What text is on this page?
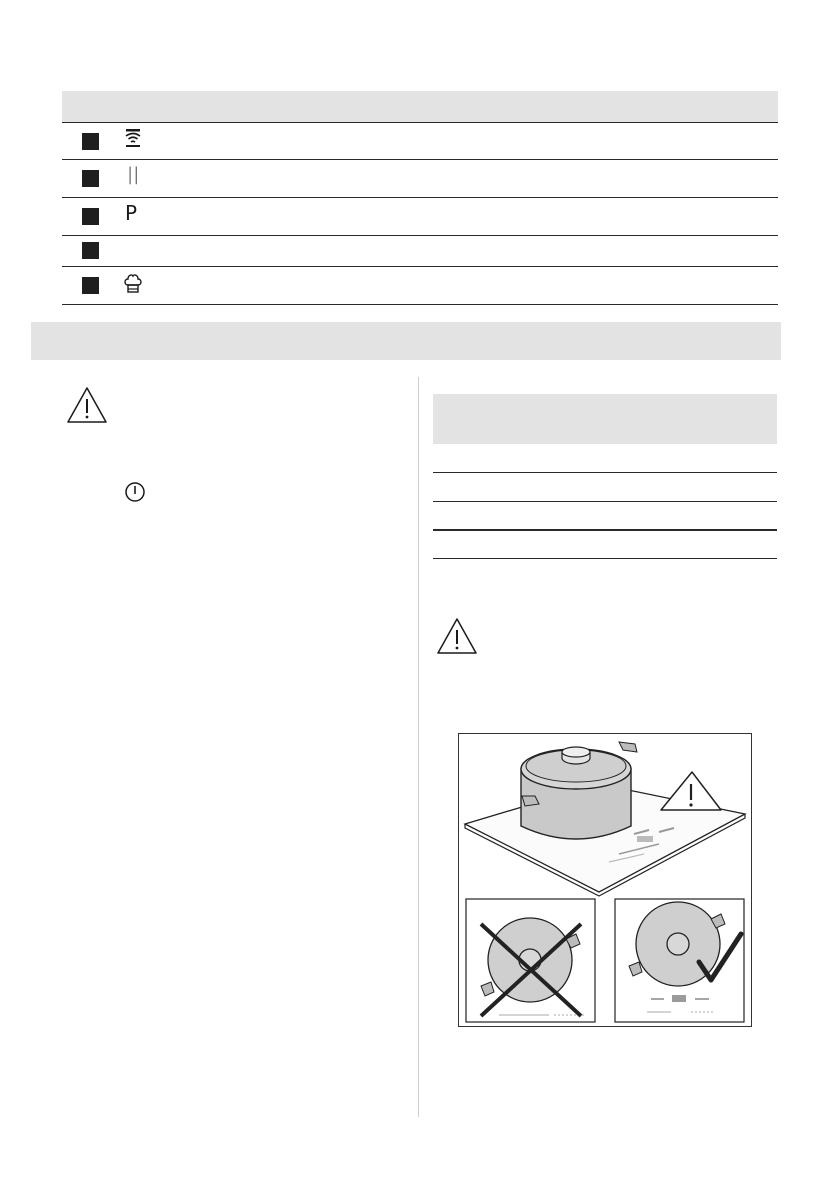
||
P
